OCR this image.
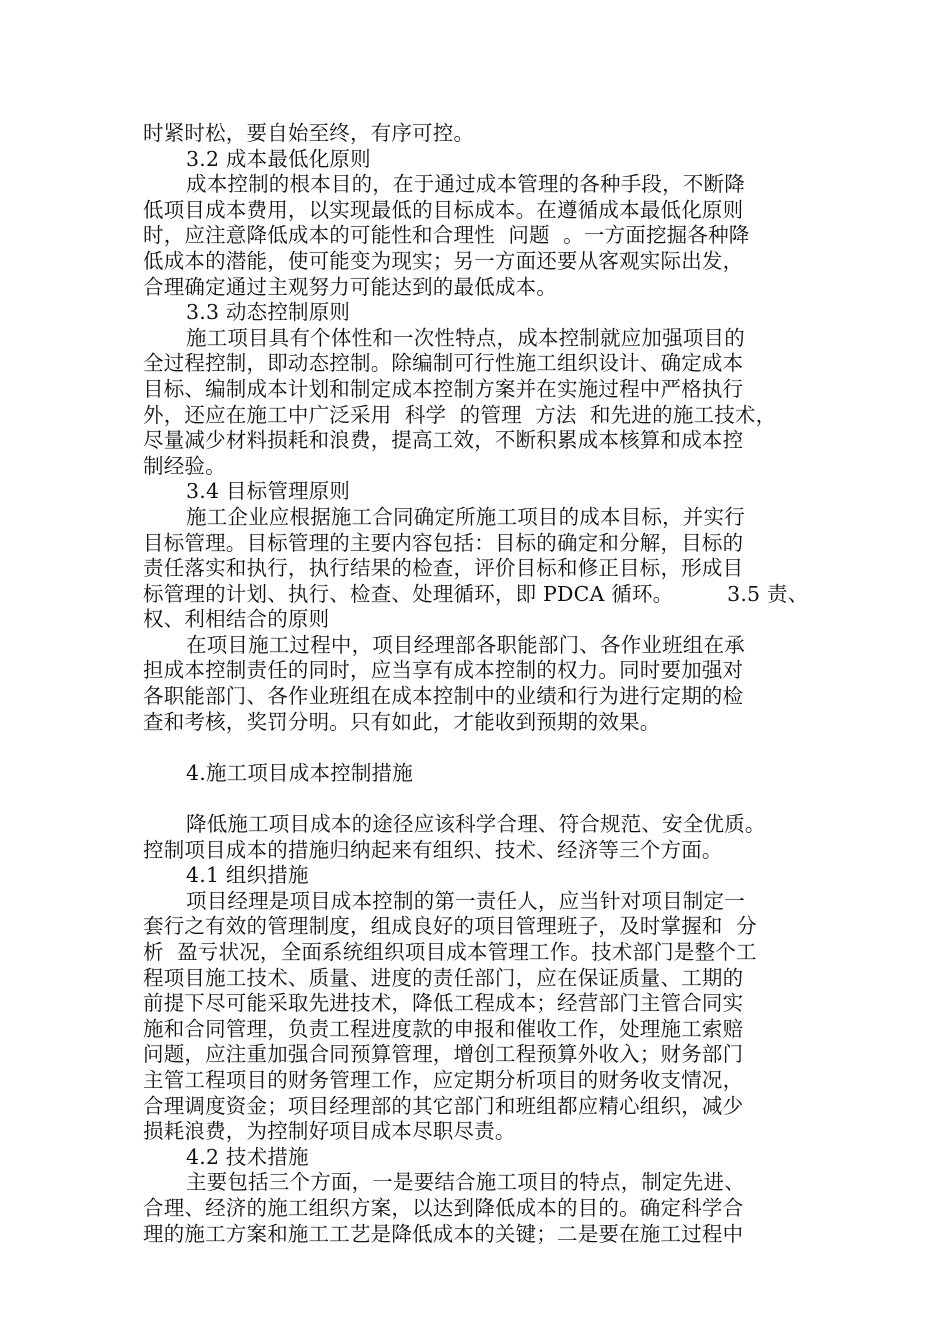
时紧时松，要自始至终，有序可控。
3.2 成本最低化原则
成本控制的根本目的，在于通过成本管理的各种手段，不断降
低项目成本费用，以实现最低的目标成本。在遵循成本最低化原则
时，应注意降低成本的可能性和合理性  问题  。一方面挖掘各种降
低成本的潜能，使可能变为现实；另一方面还要从客观实际出发，
合理确定通过主观努力可能达到的最低成本。
3.3 动态控制原则
施工项目具有个体性和一次性特点，成本控制就应加强项目的
全过程控制，即动态控制。除编制可行性施工组织设计、确定成本
目标、编制成本计划和制定成本控制方案并在实施过程中严格执行
外，还应在施工中广泛采用  科学  的管理  方法  和先进的施工技术，
尽量减少材料损耗和浪费，提高工效，不断积累成本核算和成本控
制经验。
3.4 目标管理原则
施工企业应根据施工合同确定所施工项目的成本目标，并实行
目标管理。目标管理的主要内容包括：目标的确定和分解，目标的
责任落实和执行，执行结果的检查，评价目标和修正目标，形成目
标管理的计划、执行、检查、处理循环，即 PDCA 循环。        3.5 责、
权、利相结合的原则
在项目施工过程中，项目经理部各职能部门、各作业班组在承
担成本控制责任的同时，应当享有成本控制的权力。同时要加强对
各职能部门、各作业班组在成本控制中的业绩和行为进行定期的检
查和考核，奖罚分明。只有如此，才能收到预期的效果。
4.施工项目成本控制措施
降低施工项目成本的途径应该科学合理、符合规范、安全优质。
控制项目成本的措施归纳起来有组织、技术、经济等三个方面。
4.1 组织措施
项目经理是项目成本控制的第一责任人，应当针对项目制定一
套行之有效的管理制度，组成良好的项目管理班子，及时掌握和  分
析  盈亏状况，全面系统组织项目成本管理工作。技术部门是整个工
程项目施工技术、质量、进度的责任部门，应在保证质量、工期的
前提下尽可能采取先进技术，降低工程成本；经营部门主管合同实
施和合同管理，负责工程进度款的申报和催收工作，处理施工索赔
问题，应注重加强合同预算管理，增创工程预算外收入；财务部门
主管工程项目的财务管理工作，应定期分析项目的财务收支情况，
合理调度资金；项目经理部的其它部门和班组都应精心组织，减少
损耗浪费，为控制好项目成本尽职尽责。
4.2 技术措施
主要包括三个方面，一是要结合施工项目的特点，制定先进、
合理、经济的施工组织方案，以达到降低成本的目的。确定科学合
理的施工方案和施工工艺是降低成本的关键；二是要在施工过程中
